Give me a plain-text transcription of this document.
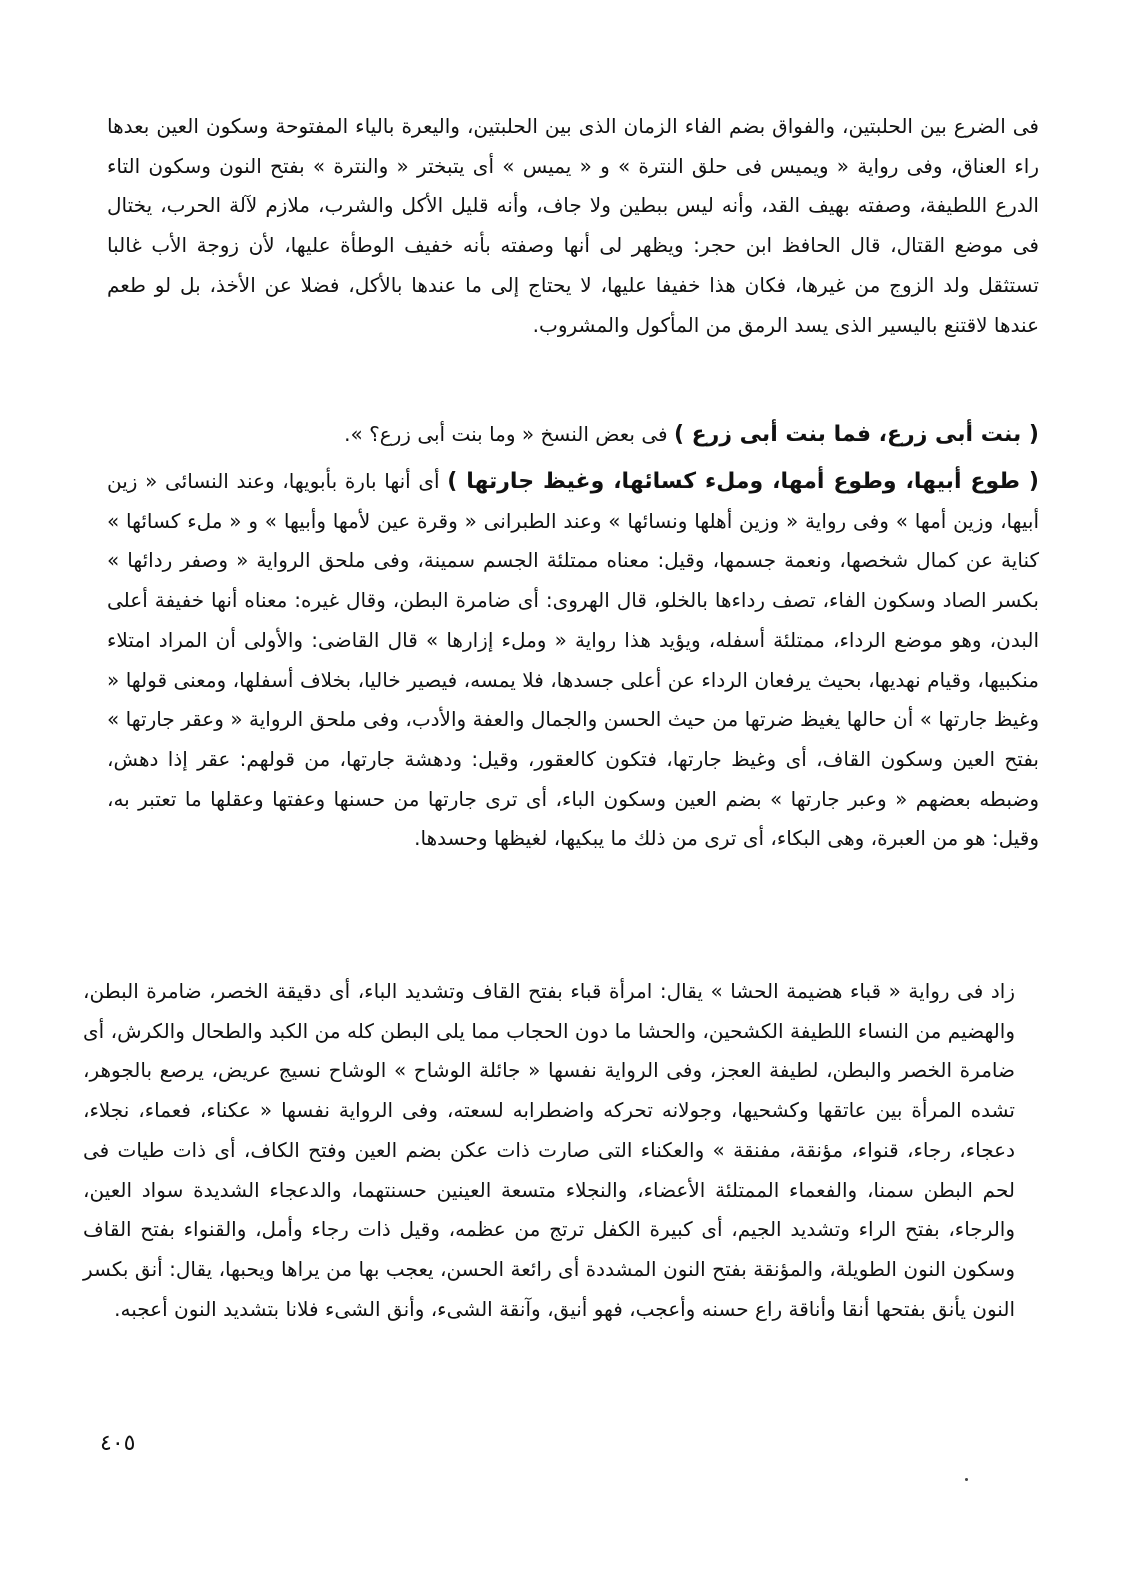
فى الضرع بين الحلبتين، والفواق بضم الفاء الزمان الذى بين الحلبتين، واليعرة بالياء المفتوحة وسكون العين بعدها راء العناق، وفى رواية « ويميس فى حلق النترة » و « يميس » أى يتبختر « والنترة » بفتح النون وسكون التاء الدرع اللطيفة، وصفته بهيف القد، وأنه ليس ببطين ولا جاف، وأنه قليل الأكل والشرب، ملازم لآلة الحرب، يختال فى موضع القتال، قال الحافظ ابن حجر: ويظهر لى أنها وصفته بأنه خفيف الوطأة عليها، لأن زوجة الأب غالبا تستثقل ولد الزوج من غيرها، فكان هذا خفيفا عليها، لا يحتاج إلى ما عندها بالأكل، فضلا عن الأخذ، بل لو طعم عندها لاقتنع باليسير الذى يسد الرمق من المأكول والمشروب.

( بنت أبى زرع، فما بنت أبى زرع ) فى بعض النسخ « وما بنت أبى زرع؟ ».

( طوع أبيها، وطوع أمها، وملء كسائها، وغيظ جارتها ) أى أنها بارة بأبويها، وعند النسائى « زين أبيها، وزين أمها » وفى رواية « وزين أهلها ونسائها » وعند الطبرانى « وقرة عين لأمها وأبيها » و « ملء كسائها » كناية عن كمال شخصها، ونعمة جسمها، وقيل: معناه ممتلئة الجسم سمينة، وفى ملحق الرواية « وصفر ردائها » بكسر الصاد وسكون الفاء، تصف رداءها بالخلو، قال الهروى: أى ضامرة البطن، وقال غيره: معناه أنها خفيفة أعلى البدن، وهو موضع الرداء، ممتلئة أسفله، ويؤيد هذا رواية « وملء إزارها » قال القاضى: والأولى أن المراد امتلاء منكبيها، وقيام نهديها، بحيث يرفعان الرداء عن أعلى جسدها، فلا يمسه، فيصير خاليا، بخلاف أسفلها، ومعنى قولها « وغيظ جارتها » أن حالها يغيظ ضرتها من حيث الحسن والجمال والعفة والأدب، وفى ملحق الرواية « وعقر جارتها » بفتح العين وسكون القاف، أى وغيظ جارتها، فتكون كالعقور، وقيل: ودهشة جارتها، من قولهم: عقر إذا دهش، وضبطه بعضهم « وعبر جارتها » بضم العين وسكون الباء، أى ترى جارتها من حسنها وعفتها وعقلها ما تعتبر به، وقيل: هو من العبرة، وهى البكاء، أى ترى من ذلك ما يبكيها، لغيظها وحسدها.

زاد فى رواية « قباء هضيمة الحشا » يقال: امرأة قباء بفتح القاف وتشديد الباء، أى دقيقة الخصر، ضامرة البطن، والهضيم من النساء اللطيفة الكشحين، والحشا ما دون الحجاب مما يلى البطن كله من الكبد والطحال والكرش، أى ضامرة الخصر والبطن، لطيفة العجز، وفى الرواية نفسها « جائلة الوشاح » الوشاح نسيج عريض، يرصع بالجوهر، تشده المرأة بين عاتقها وكشحيها، وجولانه تحركه واضطرابه لسعته، وفى الرواية نفسها « عكناء، فعماء، نجلاء، دعجاء، رجاء، قنواء، مؤنقة، مفنقة » والعكناء التى صارت ذات عكن بضم العين وفتح الكاف، أى ذات طيات فى لحم البطن سمنا، والفعماء الممتلئة الأعضاء، والنجلاء متسعة العينين حسنتهما، والدعجاء الشديدة سواد العين، والرجاء، بفتح الراء وتشديد الجيم، أى كبيرة الكفل ترتج من عظمه، وقيل ذات رجاء وأمل، والقنواء بفتح القاف وسكون النون الطويلة، والمؤنقة بفتح النون المشددة أى رائعة الحسن، يعجب بها من يراها ويحبها، يقال: أنق بكسر النون يأنق بفتحها أنقا وأناقة راع حسنه وأعجب، فهو أنيق، وآنقة الشىء، وأنق الشىء فلانا بتشديد النون أعجبه.

٤٠٥
